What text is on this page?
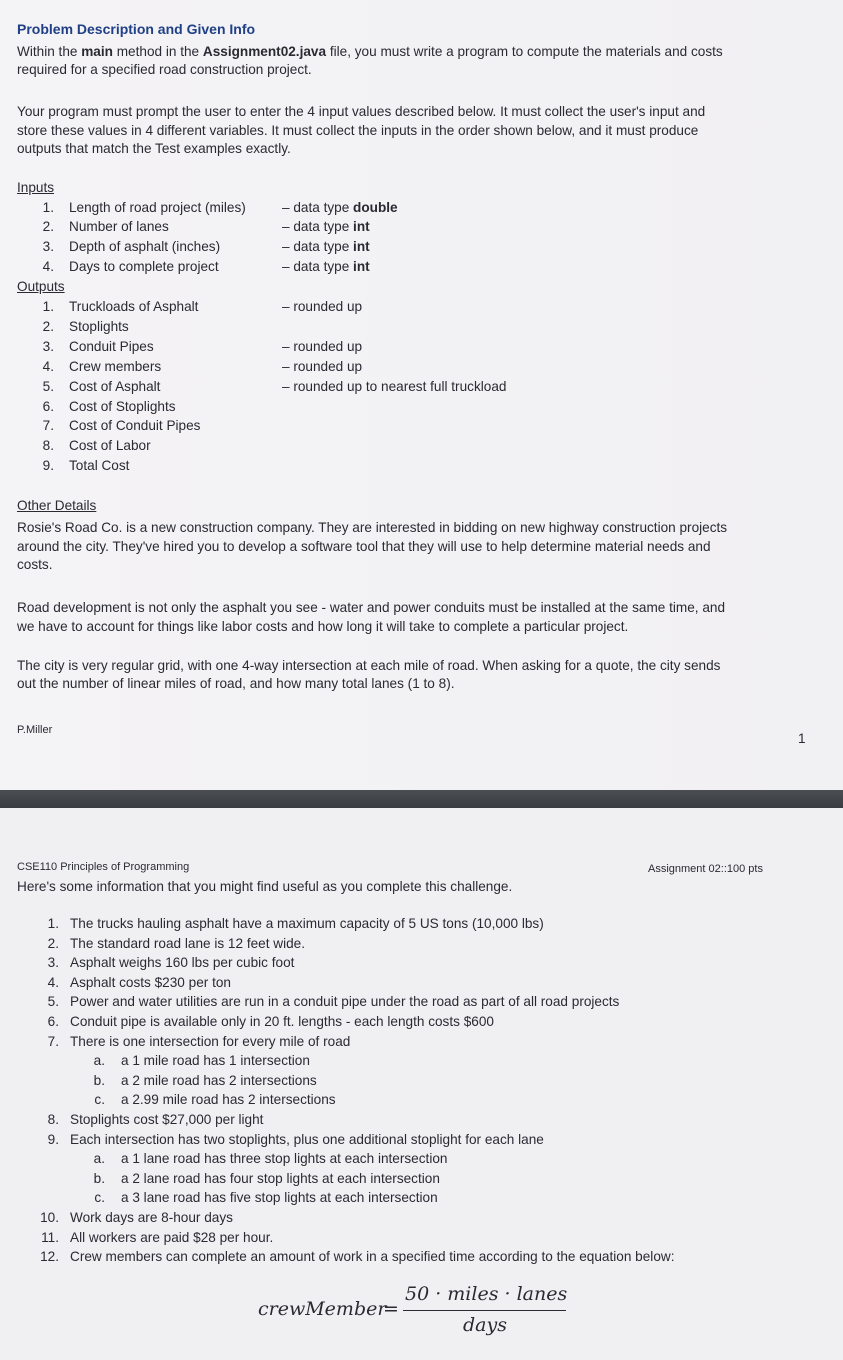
Problem Description and Given Info
Within the main method in the Assignment02.java file, you must write a program to compute the materials and costs
required for a specified road construction project.
Your program must prompt the user to enter the 4 input values described below. It must collect the user's input and
store these values in 4 different variables. It must collect the inputs in the order shown below, and it must produce
outputs that match the Test examples exactly.
Inputs
1. Length of road project (miles)	– data type double
2. Number of lanes	– data type int
3. Depth of asphalt (inches)	– data type int
4. Days to complete project	– data type int
Outputs
1. Truckloads of Asphalt	– rounded up
2. Stoplights
3. Conduit Pipes	– rounded up
4. Crew members	– rounded up
5. Cost of Asphalt	– rounded up to nearest full truckload
6. Cost of Stoplights
7. Cost of Conduit Pipes
8. Cost of Labor
9. Total Cost
Other Details
Rosie's Road Co. is a new construction company. They are interested in bidding on new highway construction projects
around the city. They've hired you to develop a software tool that they will use to help determine material needs and
costs.
Road development is not only the asphalt you see - water and power conduits must be installed at the same time, and
we have to account for things like labor costs and how long it will take to complete a particular project.
The city is very regular grid, with one 4-way intersection at each mile of road. When asking for a quote, the city sends
out the number of linear miles of road, and how many total lanes (1 to 8).
P.Miller
1
CSE110 Principles of Programming	Assignment 02::100 pts
Here's some information that you might find useful as you complete this challenge.
1. The trucks hauling asphalt have a maximum capacity of 5 US tons (10,000 lbs)
2. The standard road lane is 12 feet wide.
3. Asphalt weighs 160 lbs per cubic foot
4. Asphalt costs $230 per ton
5. Power and water utilities are run in a conduit pipe under the road as part of all road projects
6. Conduit pipe is available only in 20 ft. lengths - each length costs $600
7. There is one intersection for every mile of road
a. a 1 mile road has 1 intersection
b. a 2 mile road has 2 intersections
c. a 2.99 mile road has 2 intersections
8. Stoplights cost $27,000 per light
9. Each intersection has two stoplights, plus one additional stoplight for each lane
a. a 1 lane road has three stop lights at each intersection
b. a 2 lane road has four stop lights at each intersection
c. a 3 lane road has five stop lights at each intersection
10. Work days are 8-hour days
11. All workers are paid $28 per hour.
12. Crew members can complete an amount of work in a specified time according to the equation below:
crewMember
=
50 · miles · lanes
days
